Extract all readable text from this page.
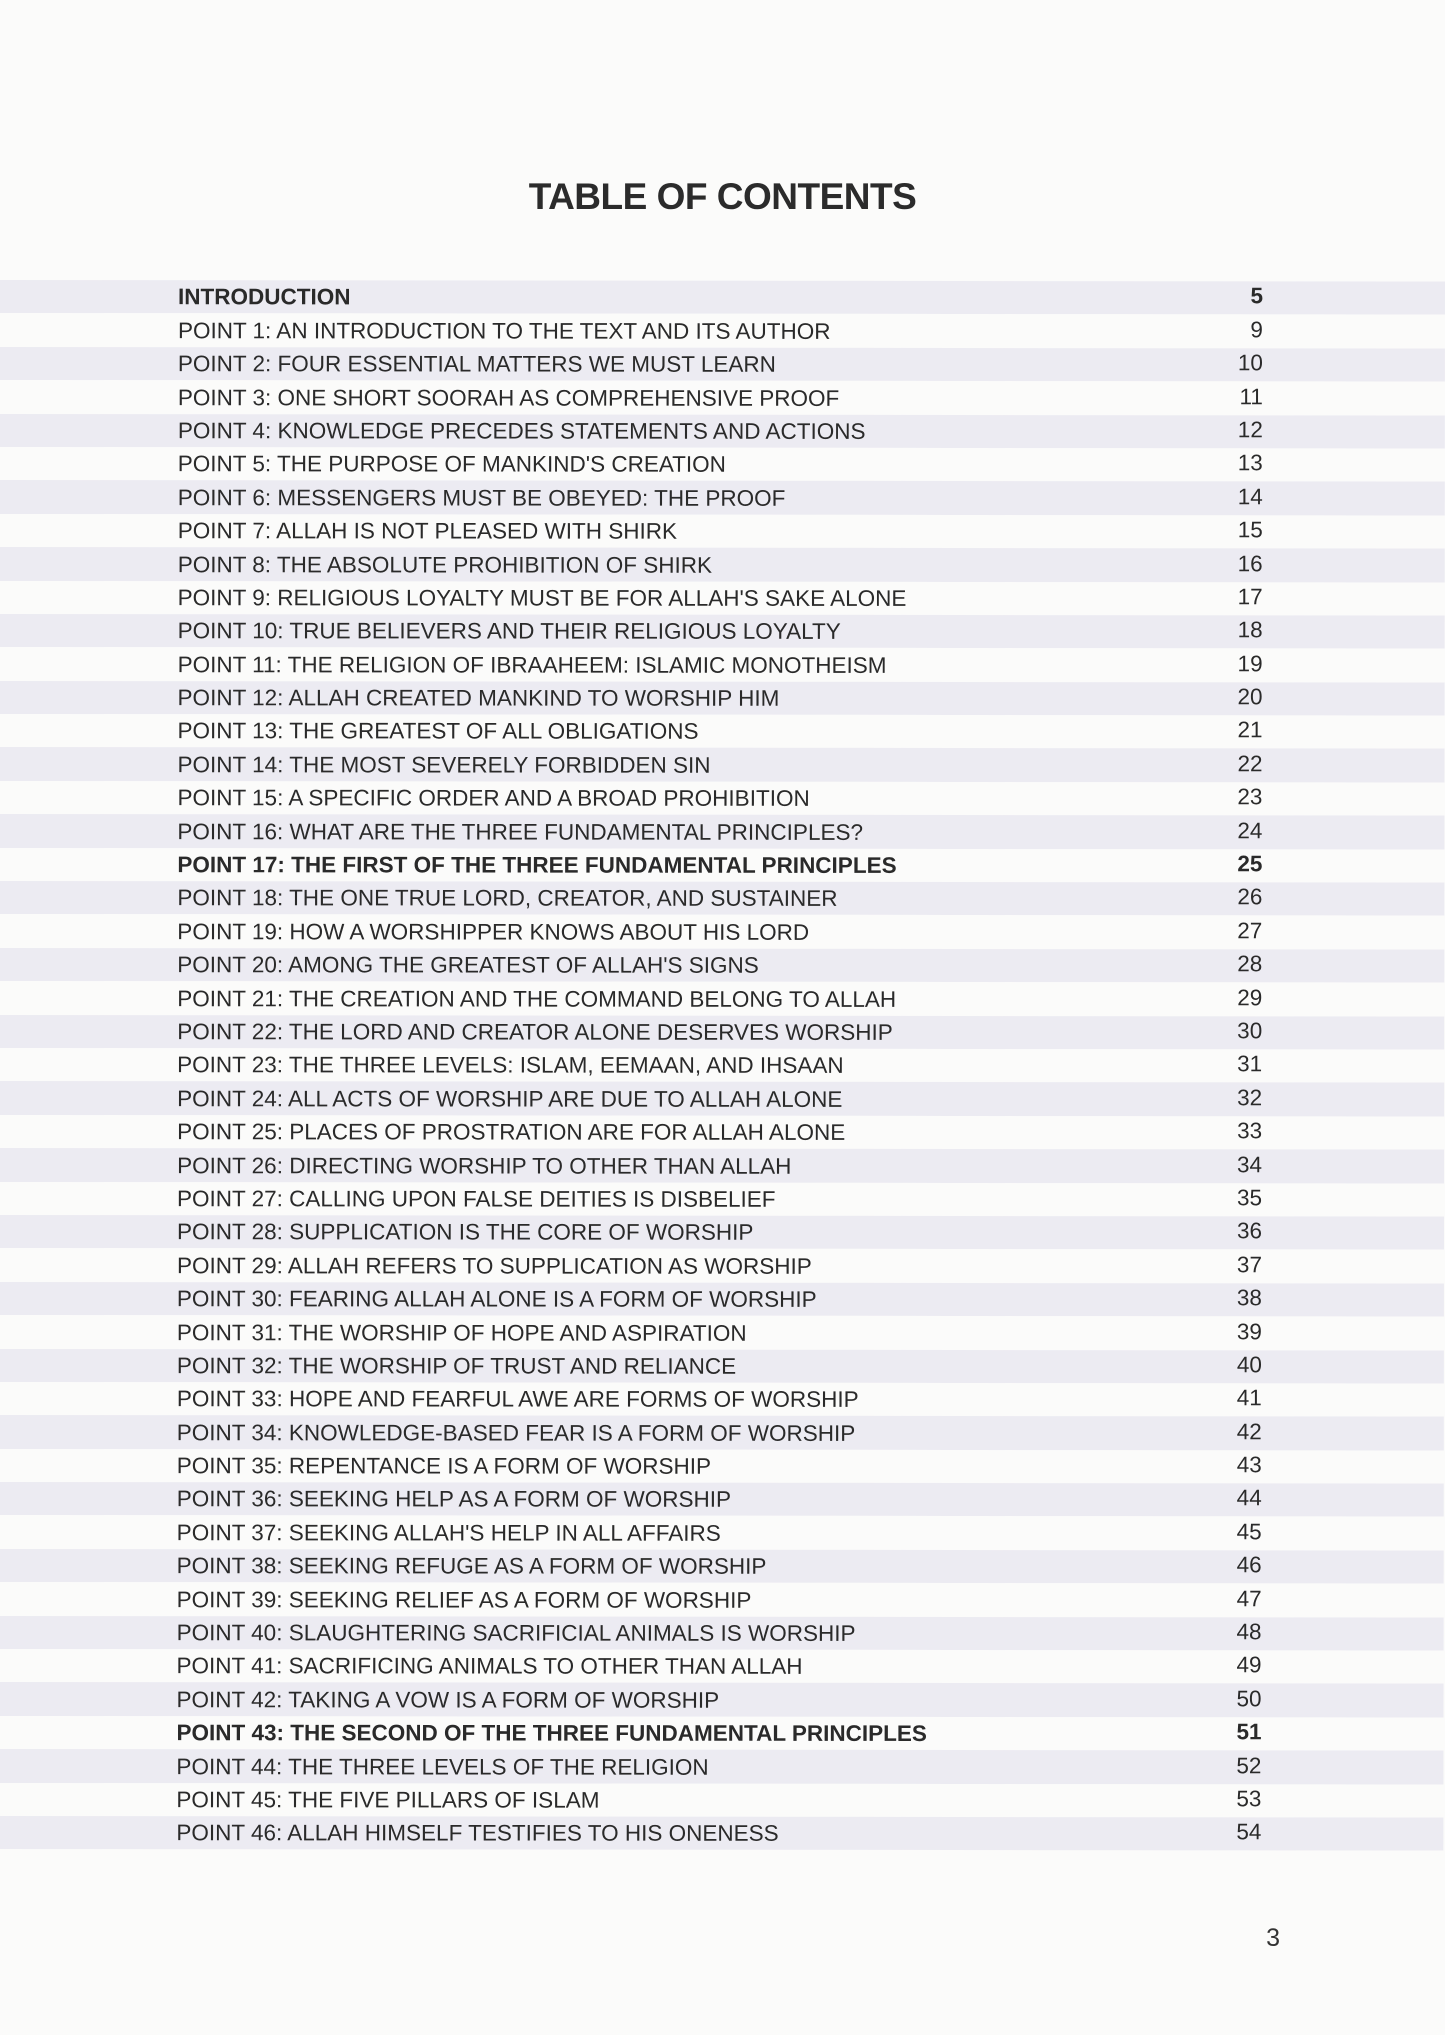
TABLE OF CONTENTS
INTRODUCTION	5
POINT 1: AN INTRODUCTION TO THE TEXT AND ITS AUTHOR	9
POINT 2: FOUR ESSENTIAL MATTERS WE MUST LEARN	10
POINT 3: ONE SHORT SOORAH AS COMPREHENSIVE PROOF	11
POINT 4: KNOWLEDGE PRECEDES STATEMENTS AND ACTIONS	12
POINT 5: THE PURPOSE OF MANKIND'S CREATION	13
POINT 6: MESSENGERS MUST BE OBEYED: THE PROOF	14
POINT 7: ALLAH IS NOT PLEASED WITH SHIRK	15
POINT 8: THE ABSOLUTE PROHIBITION OF SHIRK	16
POINT 9: RELIGIOUS LOYALTY MUST BE FOR ALLAH'S SAKE ALONE	17
POINT 10: TRUE BELIEVERS AND THEIR RELIGIOUS LOYALTY	18
POINT 11: THE RELIGION OF IBRAAHEEM: ISLAMIC MONOTHEISM	19
POINT 12: ALLAH CREATED MANKIND TO WORSHIP HIM	20
POINT 13: THE GREATEST OF ALL OBLIGATIONS	21
POINT 14: THE MOST SEVERELY FORBIDDEN SIN	22
POINT 15: A SPECIFIC ORDER AND A BROAD PROHIBITION	23
POINT 16: WHAT ARE THE THREE FUNDAMENTAL PRINCIPLES?	24
POINT 17: THE FIRST OF THE THREE FUNDAMENTAL PRINCIPLES	25
POINT 18: THE ONE TRUE LORD, CREATOR, AND SUSTAINER	26
POINT 19: HOW A WORSHIPPER KNOWS ABOUT HIS LORD	27
POINT 20: AMONG THE GREATEST OF ALLAH'S SIGNS	28
POINT 21: THE CREATION AND THE COMMAND BELONG TO ALLAH	29
POINT 22: THE LORD AND CREATOR ALONE DESERVES WORSHIP	30
POINT 23: THE THREE LEVELS: ISLAM, EEMAAN, AND IHSAAN	31
POINT 24: ALL ACTS OF WORSHIP ARE DUE TO ALLAH ALONE	32
POINT 25: PLACES OF PROSTRATION ARE FOR ALLAH ALONE	33
POINT 26: DIRECTING WORSHIP TO OTHER THAN ALLAH	34
POINT 27: CALLING UPON FALSE DEITIES IS DISBELIEF	35
POINT 28: SUPPLICATION IS THE CORE OF WORSHIP	36
POINT 29: ALLAH REFERS TO SUPPLICATION AS WORSHIP	37
POINT 30: FEARING ALLAH ALONE IS A FORM OF WORSHIP	38
POINT 31: THE WORSHIP OF HOPE AND ASPIRATION	39
POINT 32: THE WORSHIP OF TRUST AND RELIANCE	40
POINT 33: HOPE AND FEARFUL AWE ARE FORMS OF WORSHIP	41
POINT 34: KNOWLEDGE-BASED FEAR IS A FORM OF WORSHIP	42
POINT 35: REPENTANCE IS A FORM OF WORSHIP	43
POINT 36: SEEKING HELP AS A FORM OF WORSHIP	44
POINT 37: SEEKING ALLAH'S HELP IN ALL AFFAIRS	45
POINT 38: SEEKING REFUGE AS A FORM OF WORSHIP	46
POINT 39: SEEKING RELIEF AS A FORM OF WORSHIP	47
POINT 40: SLAUGHTERING SACRIFICIAL ANIMALS IS WORSHIP	48
POINT 41: SACRIFICING ANIMALS TO OTHER THAN ALLAH	49
POINT 42: TAKING A VOW IS A FORM OF WORSHIP	50
POINT 43: THE SECOND OF THE THREE FUNDAMENTAL PRINCIPLES	51
POINT 44: THE THREE LEVELS OF THE RELIGION	52
POINT 45: THE FIVE PILLARS OF ISLAM	53
POINT 46: ALLAH HIMSELF TESTIFIES TO HIS ONENESS	54
3
